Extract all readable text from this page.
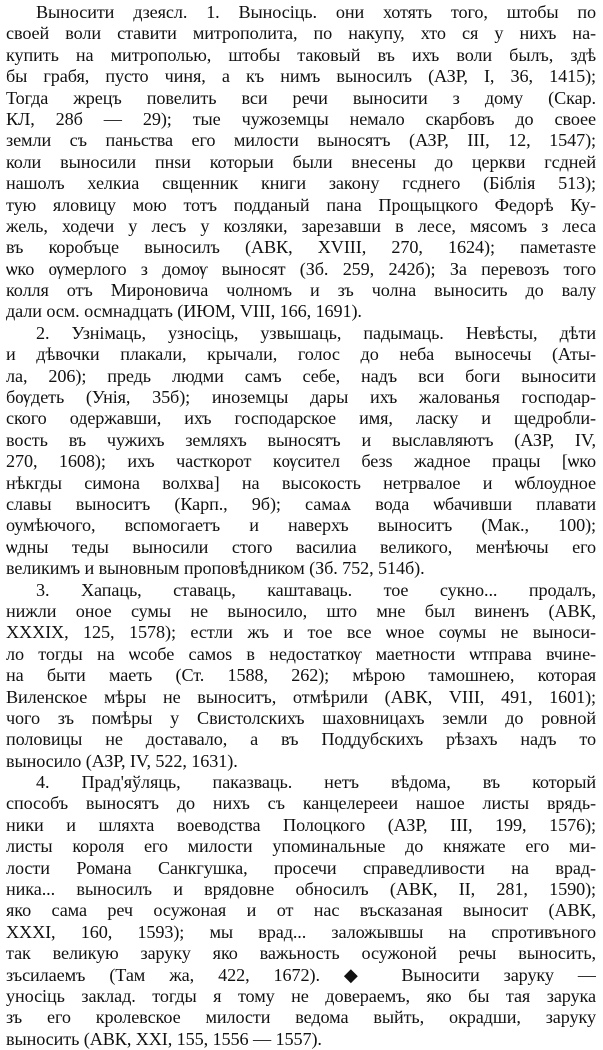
Выносити дзеясл. 1. Выносіць. они хотять того, штобы по
своей воли ставити митрополита, по накупу, хто ся у нихъ на-
купить на митрополью, штобы таковый въ ихъ воли былъ, здѣ
бы грабя, пусто чиня, а къ нимъ выносилъ (АЗР, I, 36, 1415);
Тогда жрецъ повелить вси речи выносити з дому (Скар.
КЛ, 28б — 29); тые чужоземцы немало скарбовъ до своее
земли съ паньства его милости выносятъ (АЗР, III, 12, 1547);
коли выносили пнѕи которыи были внесены до церкви гсдней
нашолъ хелкиа свщенник книги закону гсднего (Біблія 513);
тую яловицу мою тотъ подданый пана Прощыцкого Федорѣ Ку-
жель, ходечи у лесъ у козляки, зарезавши в лесе, мясомъ з леса
въ коробъце выносилъ (АВК, XVIII, 270, 1624); паметаѕте
ѡко ѹмерлого з домѹ выносят (Зб. 259, 242б); За перевозъ того
колля отъ Мироновича чолномъ и зъ чолна выносить до валу
дали осм. осмнадцать (ИЮМ, VIII, 166, 1691).
2. Узнімаць, узносіць, узвышаць, падымаць. Невѣсты, дѣти
и дѣвочки плакали, крычали, голос до неба выносечы (Аты-
ла, 206); предь людми самъ себе, надъ вси боги выносити
бѹдеть (Унія, 35б); иноземцы дары ихъ жалованья господар-
ского одержавши, ихъ господарское имя, ласку и щедробли-
вость въ чужихъ земляхъ выносятъ и выславляютъ (АЗР, IV,
270, 1608); ихъ часткорот кѹсител безѕ жадное працы [ѡко
нѣкгды симона волхва] на высокость нетрвалое и ѡблоудное
славы выноситъ (Карп., 9б); самаѧ вода ѡбачивши плавати
оумѣючого, вспомогаетъ и наверхъ выноситъ (Мак., 100);
ѡдны теды выносили стого василиа великого, менѣючы его
великимъ и выновным проповѣдником (Зб. 752, 514б).
3. Хапаць, ставаць, каштаваць. тое сукно... продалъ,
нижли оное сумы не выносило, што мне был виненъ (АВК,
XXXIX, 125, 1578); естли жъ и тое все ѡное сѹмы не выноси-
ло тогды на ѡсобе самоѕ в недостаткѹ маетности ѡтправа вчине-
на быти маеть (Ст. 1588, 262); мѣрою тамошнею, которая
Виленское мѣры не выноситъ, отмѣрили (АВК, VIII, 491, 1601);
чого зъ помѣры у Свистолскихъ шаховницахъ земли до ровной
половицы не доставало, а въ Поддубскихъ рѣзахъ надъ то
выносило (АЗР, IV, 522, 1631).
4. Прад'яўляць, паказваць. нетъ вѣдома, въ который
способъ выносятъ до нихъ съ канцелерееи нашое листы врядь-
ники и шляхта воеводства Полоцкого (АЗР, III, 199, 1576);
листы короля его милости упоминальные до княжате его ми-
лости Романа Санкгушка, просечи справедливости на врад-
ника... выносилъ и врядовне обносилъ (АВК, II, 281, 1590);
яко сама реч осужоная и от нас въсказаная выносит (АВК,
XXXI, 160, 1593); мы врад... заложывшы на спротивъного
так великую заруку яко важьность осужоной речы выносить,
зъсилаемъ (Там жа, 422, 1672). ◆ Выносити заруку —
уносіць заклад. тогды я тому не довераемъ, яко бы тая зарука
зъ его кролевское милости ведома выйть, окрадши, заруку
выносить (АВК, XXI, 155, 1556 — 1557).
